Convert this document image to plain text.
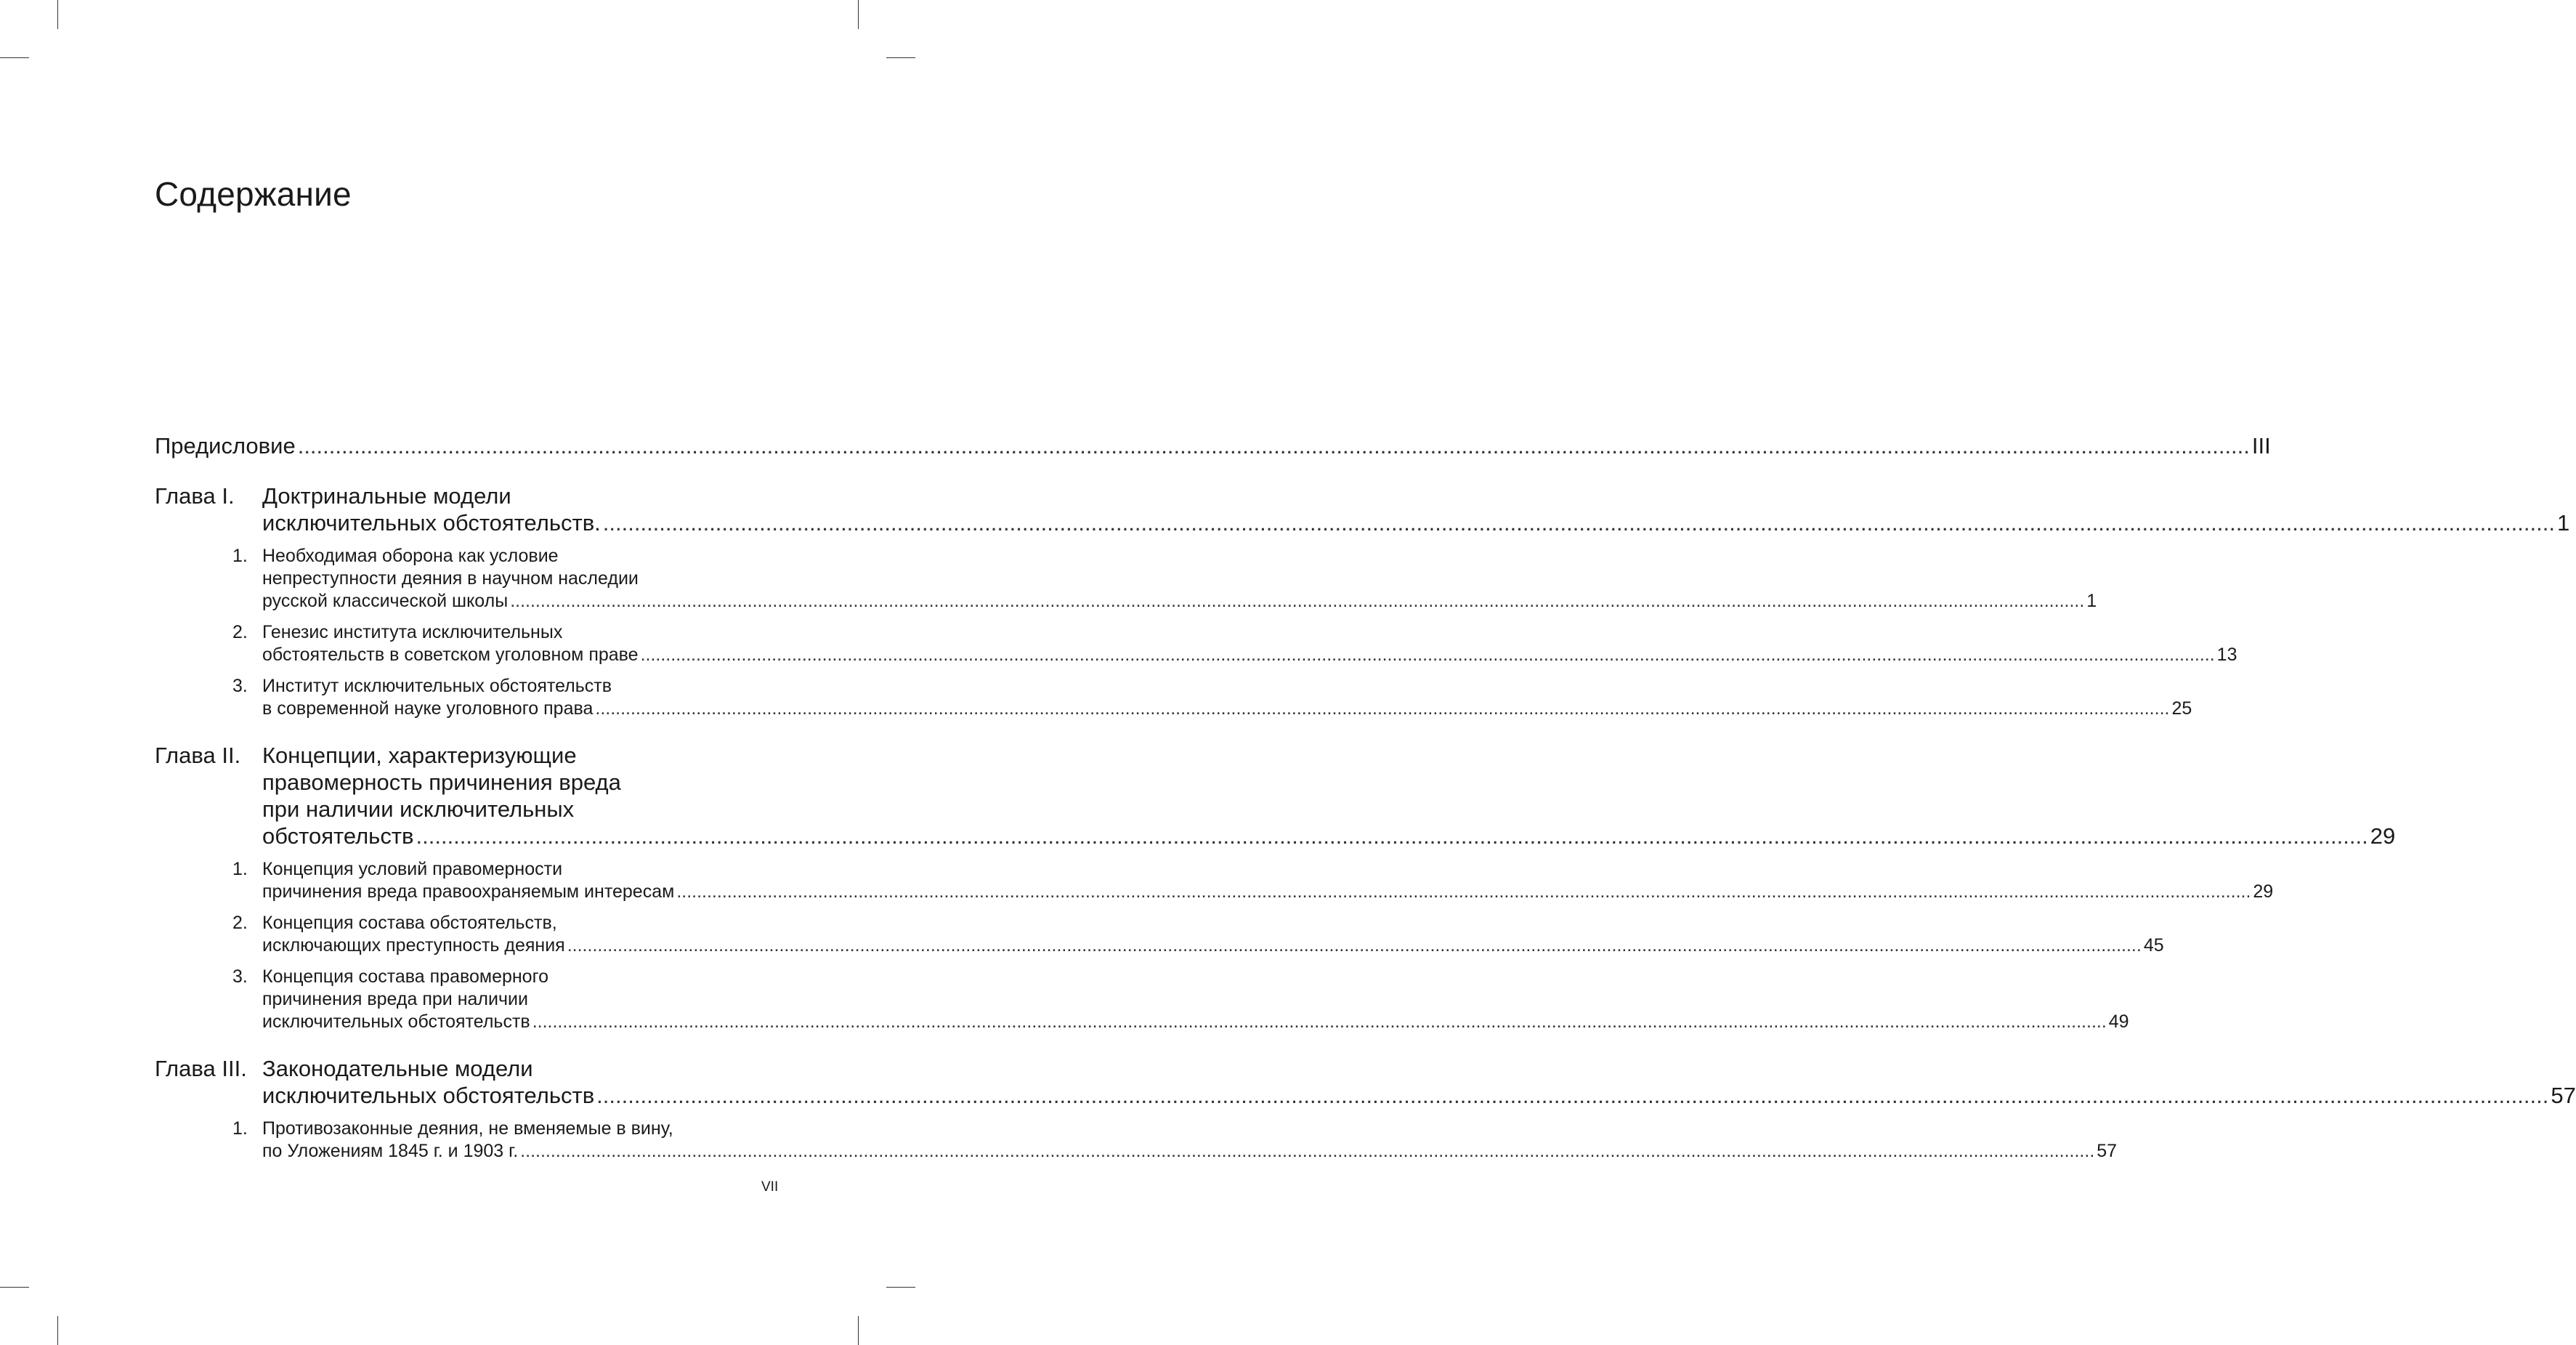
Содержание
Предисловие .....	III
Глава I.	Доктринальные модели
исключительных обстоятельств. .....	1
1. Необходимая оборона как условие
непреступности деяния в научном наследии
русской классической школы .....	1
2. Генезис института исключительных
обстоятельств в советском уголовном праве .....	13
3. Институт исключительных обстоятельств
в современной науке уголовного права .....	25
Глава II. Концепции, характеризующие
правомерность причинения вреда
при наличии исключительных
обстоятельств .....	29
1. Концепция условий правомерности
причинения вреда правоохраняемым интересам .....	29
2. Концепция состава обстоятельств,
исключающих преступность деяния .....	45
3. Концепция состава правомерного
причинения вреда при наличии
исключительных обстоятельств .....	49
Глава III. Законодательные модели
исключительных обстоятельств .....	57
1. Противозаконные деяния, не вменяемые в вину,
по Уложениям 1845 г. и 1903 г. .....	57
VII
